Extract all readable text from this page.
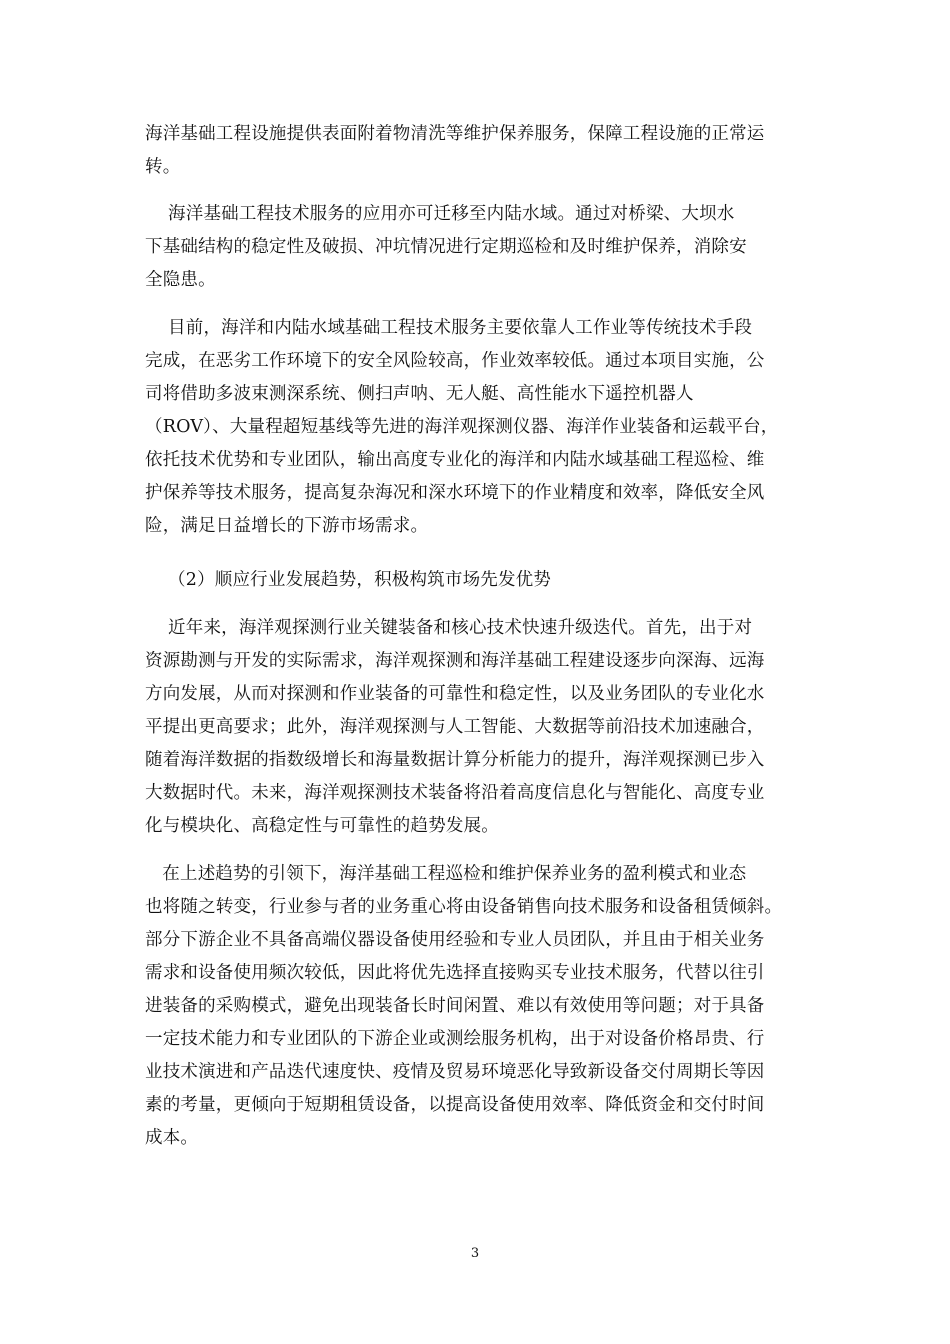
海洋基础工程设施提供表面附着物清洗等维护保养服务，保障工程设施的正常运
转。
海洋基础工程技术服务的应用亦可迁移至内陆水域。通过对桥梁、大坝水
下基础结构的稳定性及破损、冲坑情况进行定期巡检和及时维护保养，消除安
全隐患。
目前，海洋和内陆水域基础工程技术服务主要依靠人工作业等传统技术手段
完成，在恶劣工作环境下的安全风险较高，作业效率较低。通过本项目实施，公
司将借助多波束测深系统、侧扫声呐、无人艇、高性能水下遥控机器人
（ROV）、大量程超短基线等先进的海洋观探测仪器、海洋作业装备和运载平台，
依托技术优势和专业团队，输出高度专业化的海洋和内陆水域基础工程巡检、维
护保养等技术服务，提高复杂海况和深水环境下的作业精度和效率，降低安全风
险，满足日益增长的下游市场需求。
（2）顺应行业发展趋势，积极构筑市场先发优势
近年来，海洋观探测行业关键装备和核心技术快速升级迭代。首先，出于对
资源勘测与开发的实际需求，海洋观探测和海洋基础工程建设逐步向深海、远海
方向发展，从而对探测和作业装备的可靠性和稳定性，以及业务团队的专业化水
平提出更高要求；此外，海洋观探测与人工智能、大数据等前沿技术加速融合，
随着海洋数据的指数级增长和海量数据计算分析能力的提升，海洋观探测已步入
大数据时代。未来，海洋观探测技术装备将沿着高度信息化与智能化、高度专业
化与模块化、高稳定性与可靠性的趋势发展。
在上述趋势的引领下，海洋基础工程巡检和维护保养业务的盈利模式和业态
也将随之转变，行业参与者的业务重心将由设备销售向技术服务和设备租赁倾斜。
部分下游企业不具备高端仪器设备使用经验和专业人员团队，并且由于相关业务
需求和设备使用频次较低，因此将优先选择直接购买专业技术服务，代替以往引
进装备的采购模式，避免出现装备长时间闲置、难以有效使用等问题；对于具备
一定技术能力和专业团队的下游企业或测绘服务机构，出于对设备价格昂贵、行
业技术演进和产品迭代速度快、疫情及贸易环境恶化导致新设备交付周期长等因
素的考量，更倾向于短期租赁设备，以提高设备使用效率、降低资金和交付时间
成本。
3
